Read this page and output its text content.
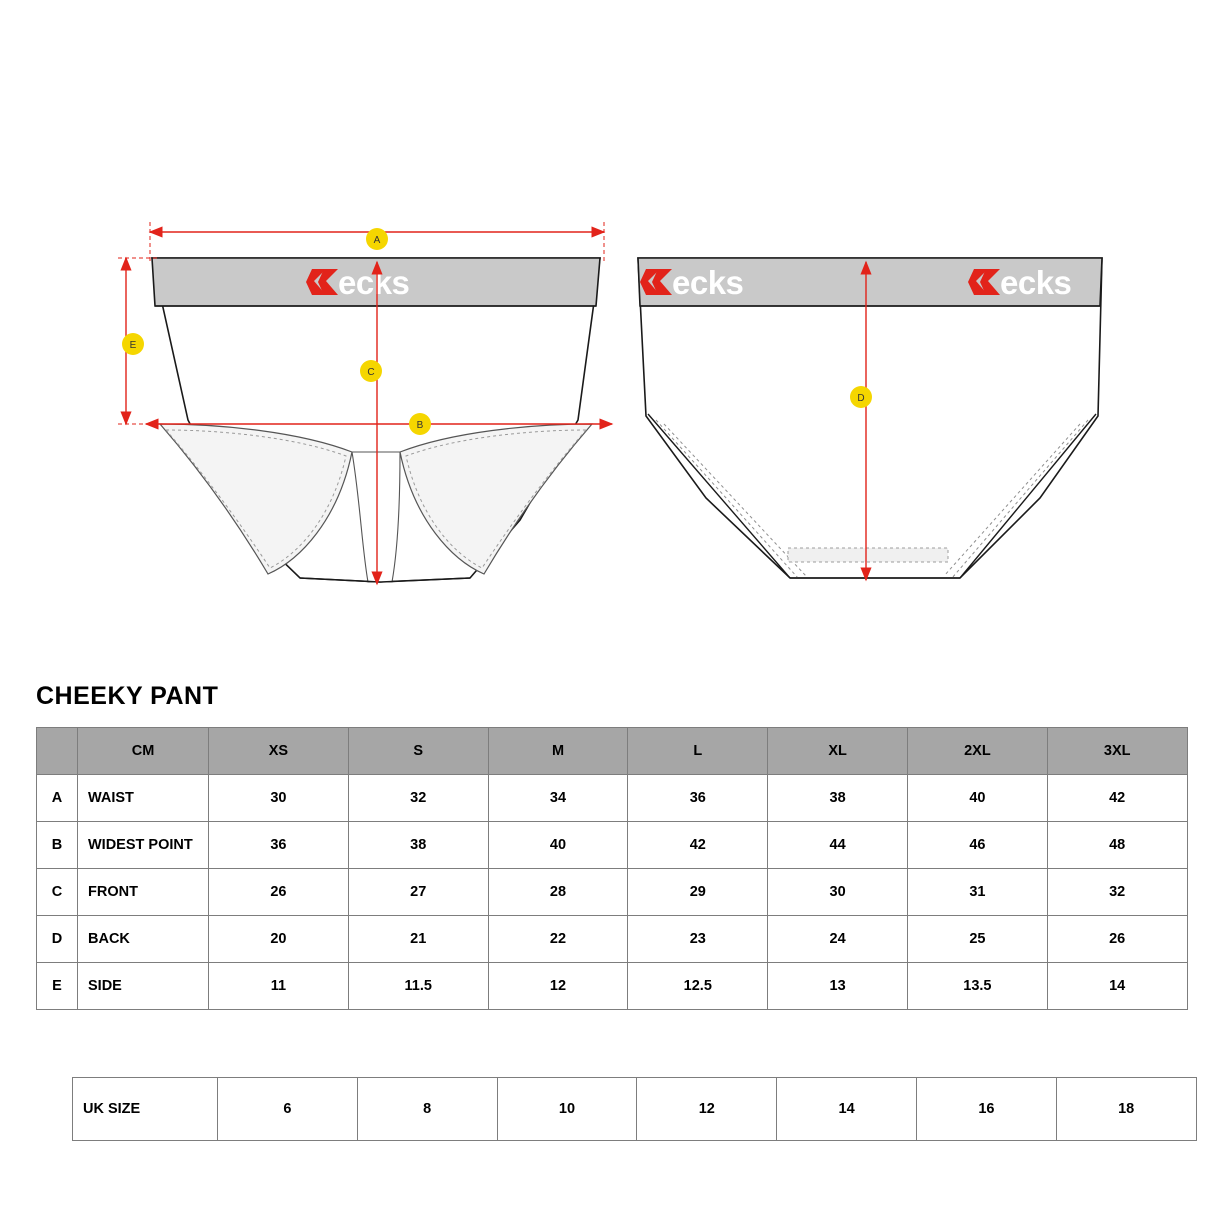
ecks
A
E
C
B
ecks	ecks
D
CHEEKY PANT
	CM	XS	S	M	L	XL	2XL	3XL
A	WAIST	30	32	34	36	38	40	42
B	WIDEST POINT	36	38	40	42	44	46	48
C	FRONT	26	27	28	29	30	31	32
D	BACK	20	21	22	23	24	25	26
E	SIDE	11	11.5	12	12.5	13	13.5	14
UK SIZE	6	8	10	12	14	16	18
